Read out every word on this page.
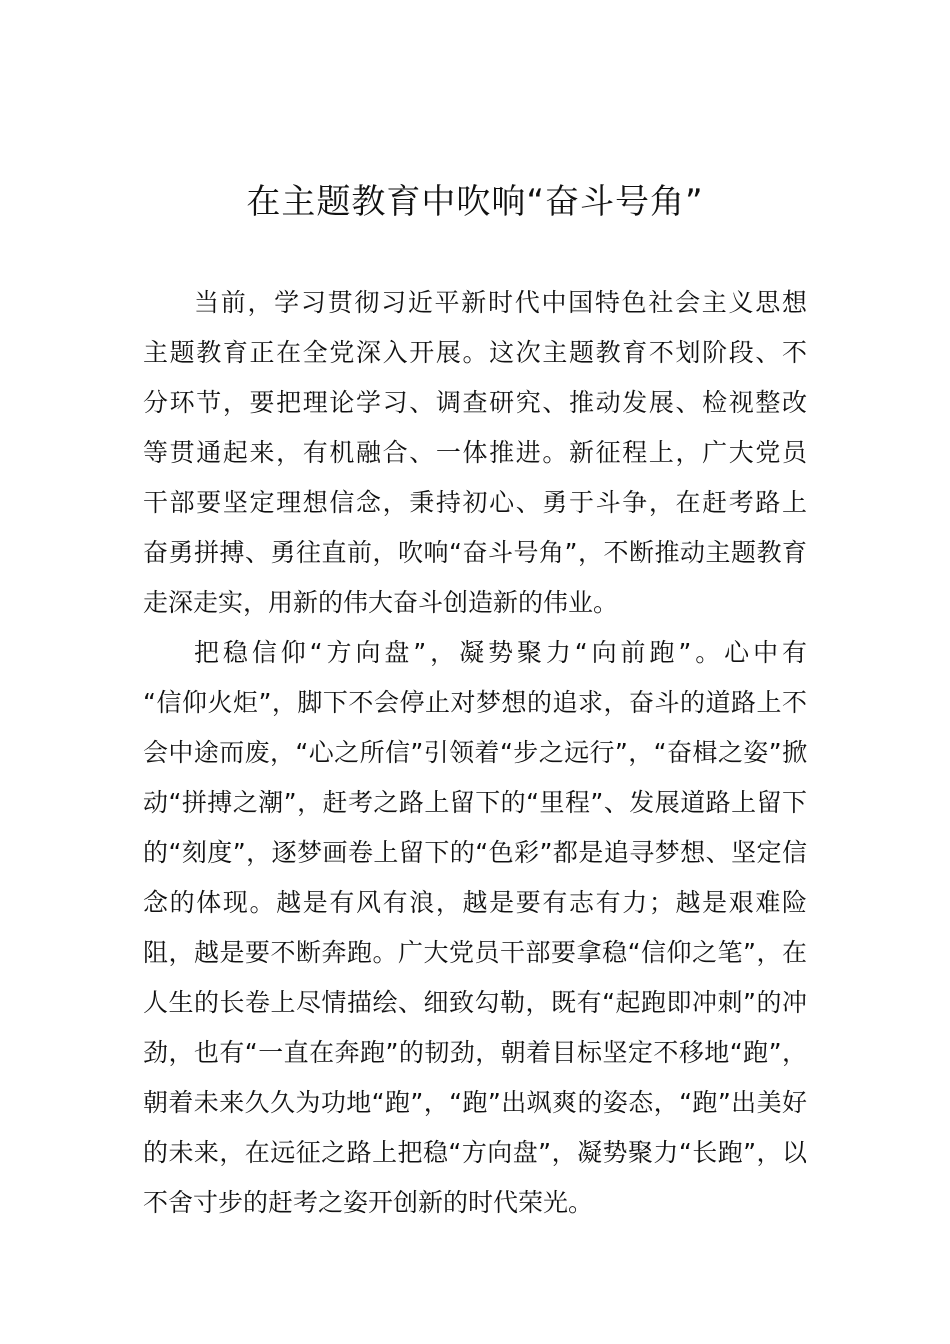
在主题教育中吹响“奋斗号角”
当前，学习贯彻习近平新时代中国特色社会主义思想
主题教育正在全党深入开展。这次主题教育不划阶段、不
分环节，要把理论学习、调查研究、推动发展、检视整改
等贯通起来，有机融合、一体推进。新征程上，广大党员
干部要坚定理想信念，秉持初心、勇于斗争，在赶考路上
奋勇拼搏、勇往直前，吹响“奋斗号角”，不断推动主题教育
走深走实，用新的伟大奋斗创造新的伟业。
把稳信仰“方向盘”，凝势聚力“向前跑”。心中有
“信仰火炬”，脚下不会停止对梦想的追求，奋斗的道路上不
会中途而废，“心之所信”引领着“步之远行”，“奋楫之姿”掀
动“拼搏之潮”，赶考之路上留下的“里程”、发展道路上留下
的“刻度”，逐梦画卷上留下的“色彩”都是追寻梦想、坚定信
念的体现。越是有风有浪，越是要有志有力；越是艰难险
阻，越是要不断奔跑。广大党员干部要拿稳“信仰之笔”，在
人生的长卷上尽情描绘、细致勾勒，既有“起跑即冲刺”的冲
劲，也有“一直在奔跑”的韧劲，朝着目标坚定不移地“跑”，
朝着未来久久为功地“跑”，“跑”出飒爽的姿态，“跑”出美好
的未来，在远征之路上把稳“方向盘”，凝势聚力“长跑”，以
不舍寸步的赶考之姿开创新的时代荣光。
